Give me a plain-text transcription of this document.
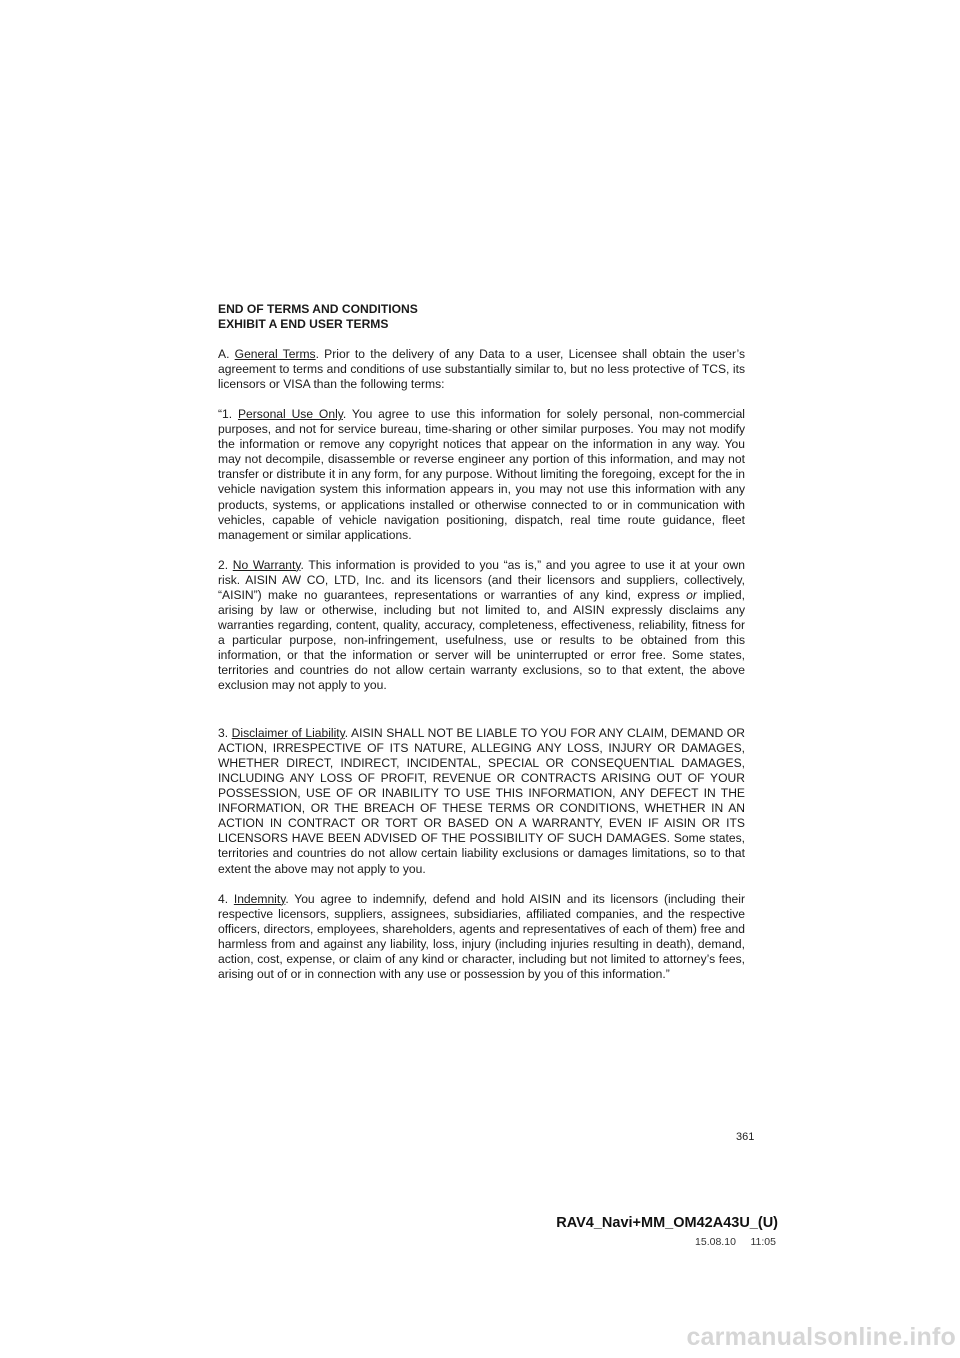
END OF TERMS AND CONDITIONS

EXHIBIT A END USER TERMS

A. General Terms. Prior to the delivery of any Data to a user, Licensee shall obtain the user’s agreement to terms and conditions of use substantially similar to, but no less protective of TCS, its licensors or VISA than the following terms:

“1. Personal Use Only. You agree to use this information for solely personal, non-commercial purposes, and not for service bureau, time-sharing or other similar purposes. You may not modify the information or remove any copyright notices that appear on the information in any way. You may not decompile, disassemble or reverse engineer any portion of this information, and may not transfer or distribute it in any form, for any purpose. Without limiting the foregoing, except for the in vehicle navigation system this information appears in, you may not use this information with any products, systems, or applications installed or otherwise connected to or in communication with vehicles, capable of vehicle navigation positioning, dispatch, real time route guidance, fleet management or similar applications.

2. No Warranty. This information is provided to you “as is,” and you agree to use it at your own risk. AISIN AW CO, LTD, Inc. and its licensors (and their licensors and suppliers, collectively, “AISIN”) make no guarantees, representations or warranties of any kind, express or implied, arising by law or otherwise, including but not limited to, and AISIN expressly disclaims any warranties regarding, content, quality, accuracy, completeness, effectiveness, reliability, fitness for a particular purpose, non-infringement, usefulness, use or results to be obtained from this information, or that the information or server will be uninterrupted or error free. Some states, territories and countries do not allow certain warranty exclusions, so to that extent, the above exclusion may not apply to you.

3. Disclaimer of Liability. AISIN SHALL NOT BE LIABLE TO YOU FOR ANY CLAIM, DEMAND OR ACTION, IRRESPECTIVE OF ITS NATURE, ALLEGING ANY LOSS, INJURY OR DAMAGES, WHETHER DIRECT, INDIRECT, INCIDENTAL, SPECIAL OR CONSEQUENTIAL DAMAGES, INCLUDING ANY LOSS OF PROFIT, REVENUE OR CONTRACTS ARISING OUT OF YOUR POSSESSION, USE OF OR INABILITY TO USE THIS INFORMATION, ANY DEFECT IN THE INFORMATION, OR THE BREACH OF THESE TERMS OR CONDITIONS, WHETHER IN AN ACTION IN CONTRACT OR TORT OR BASED ON A WARRANTY, EVEN IF AISIN OR ITS LICENSORS HAVE BEEN ADVISED OF THE POSSIBILITY OF SUCH DAMAGES. Some states, territories and countries do not allow certain liability exclusions or damages limitations, so to that extent the above may not apply to you.

4. Indemnity. You agree to indemnify, defend and hold AISIN and its licensors (including their respective licensors, suppliers, assignees, subsidiaries, affiliated companies, and the respective officers, directors, employees, shareholders, agents and representatives of each of them) free and harmless from and against any liability, loss, injury (including injuries resulting in death), demand, action, cost, expense, or claim of any kind or character, including but not limited to attorney’s fees, arising out of or in connection with any use or possession by you of this information.”

361
RAV4_Navi+MM_OM42A43U_(U)
15.08.10     11:05
carmanualsonline.info
